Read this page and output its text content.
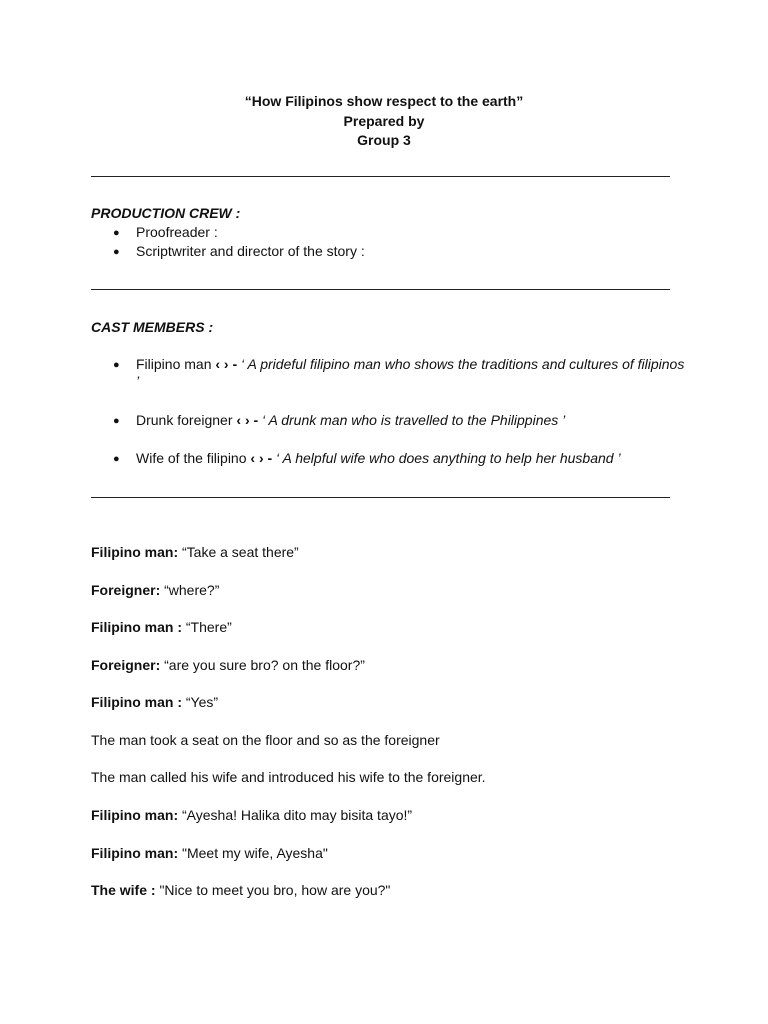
“How Filipinos show respect to the earth”
Prepared by
Group 3
PRODUCTION CREW :
● Proofreader :
● Scriptwriter and director of the story :
CAST MEMBERS :
● Filipino man ‹ › - ‘ A prideful filipino man who shows the traditions and cultures of filipinos ’
● Drunk foreigner ‹ › - ‘ A drunk man who is travelled to the Philippines ’
● Wife of the filipino ‹ › - ‘ A helpful wife who does anything to help her husband ’
Filipino man: “Take a seat there”
Foreigner: “where?”
Filipino man : “There”
Foreigner: “are you sure bro? on the floor?”
Filipino man : “Yes”
The man took a seat on the floor and so as the foreigner
The man called his wife and introduced his wife to the foreigner.
Filipino man: “Ayesha! Halika dito may bisita tayo!”
Filipino man: "Meet my wife, Ayesha"
The wife : "Nice to meet you bro, how are you?"
